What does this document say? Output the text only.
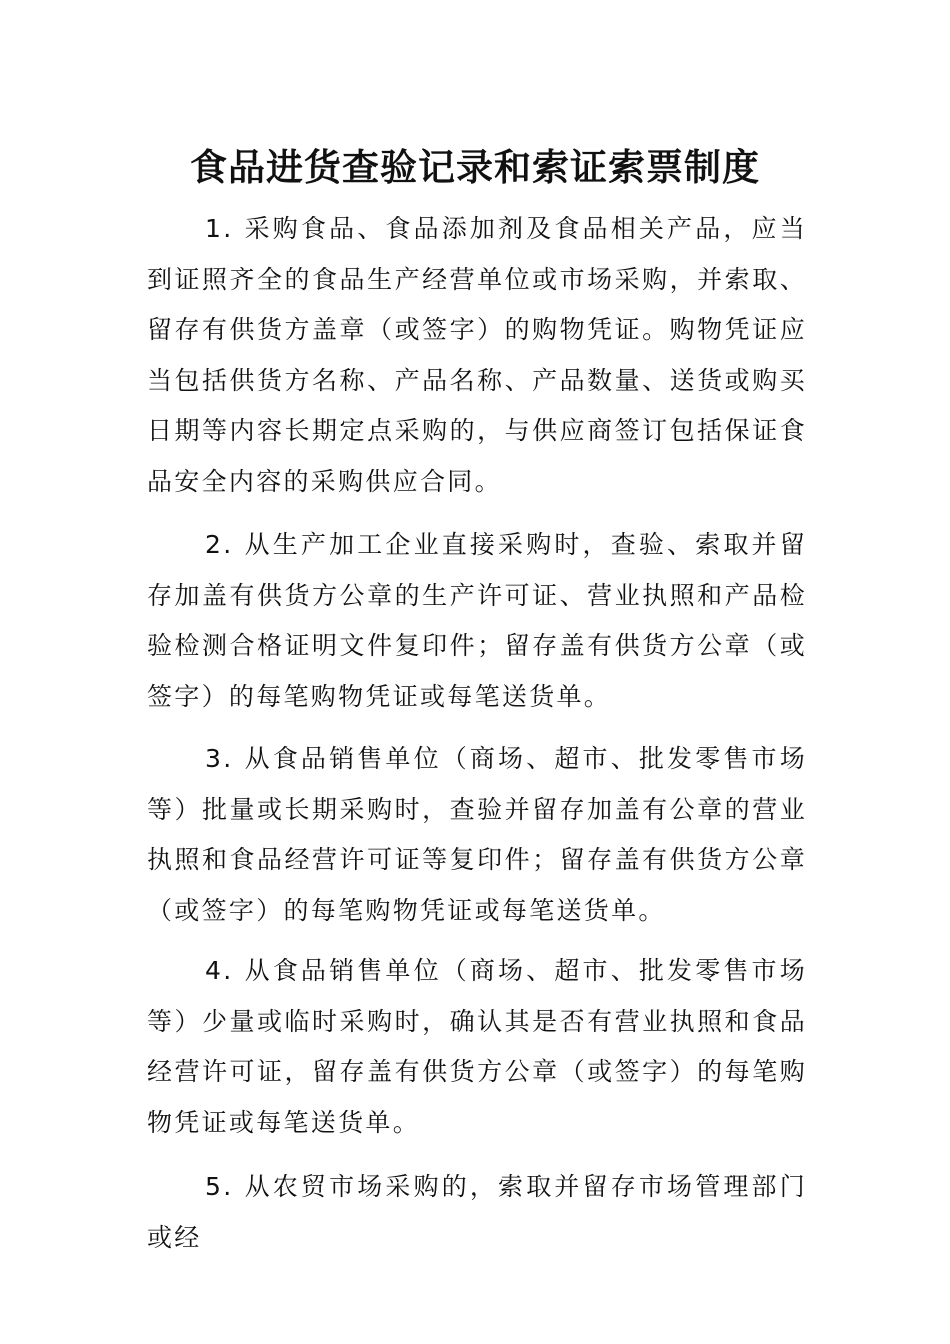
食品进货查验记录和索证索票制度

1. 采购食品、食品添加剂及食品相关产品，应当到证照齐全的食品生产经营单位或市场采购，并索取、留存有供货方盖章（或签字）的购物凭证。购物凭证应当包括供货方名称、产品名称、产品数量、送货或购买日期等内容长期定点采购的，与供应商签订包括保证食品安全内容的采购供应合同。

2. 从生产加工企业直接采购时，查验、索取并留存加盖有供货方公章的生产许可证、营业执照和产品检验检测合格证明文件复印件；留存盖有供货方公章（或签字）的每笔购物凭证或每笔送货单。

3. 从食品销售单位（商场、超市、批发零售市场等）批量或长期采购时，查验并留存加盖有公章的营业执照和食品经营许可证等复印件；留存盖有供货方公章（或签字）的每笔购物凭证或每笔送货单。

4. 从食品销售单位（商场、超市、批发零售市场等）少量或临时采购时，确认其是否有营业执照和食品经营许可证，留存盖有供货方公章（或签字）的每笔购物凭证或每笔送货单。

5. 从农贸市场采购的，索取并留存市场管理部门或经
